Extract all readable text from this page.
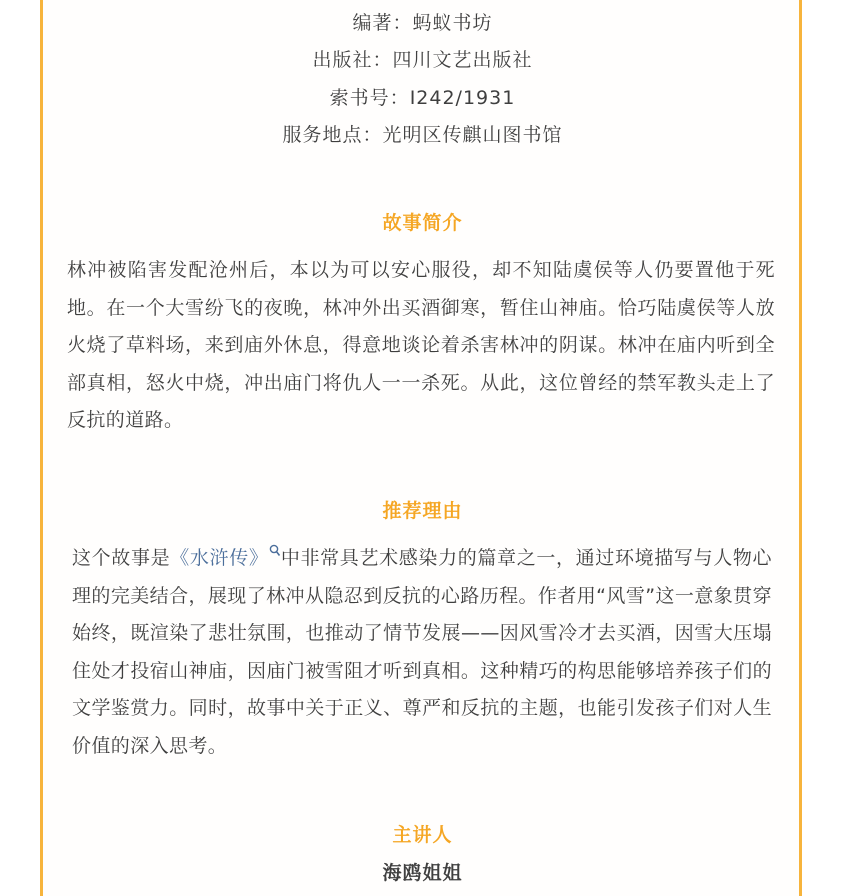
编著：蚂蚁书坊
出版社：四川文艺出版社
索书号：I242/1931
服务地点：光明区传麒山图书馆
故事简介
林冲被陷害发配沧州后，本以为可以安心服役，却不知陆虞侯等人仍要置他于死地。在一个大雪纷飞的夜晚，林冲外出买酒御寒，暂住山神庙。恰巧陆虞侯等人放火烧了草料场，来到庙外休息，得意地谈论着杀害林冲的阴谋。林冲在庙内听到全部真相，怒火中烧，冲出庙门将仇人一一杀死。从此，这位曾经的禁军教头走上了反抗的道路。
推荐理由
这个故事是《水浒传》 中非常具艺术感染力的篇章之一，通过环境描写与人物心理的完美结合，展现了林冲从隐忍到反抗的心路历程。作者用“风雪”这一意象贯穿始终，既渲染了悲壮氛围，也推动了情节发展——因风雪冷才去买酒，因雪大压塌住处才投宿山神庙，因庙门被雪阻才听到真相。这种精巧的构思能够培养孩子们的文学鉴赏力。同时，故事中关于正义、尊严和反抗的主题，也能引发孩子们对人生价值的深入思考。
主讲人
海鸥姐姐
